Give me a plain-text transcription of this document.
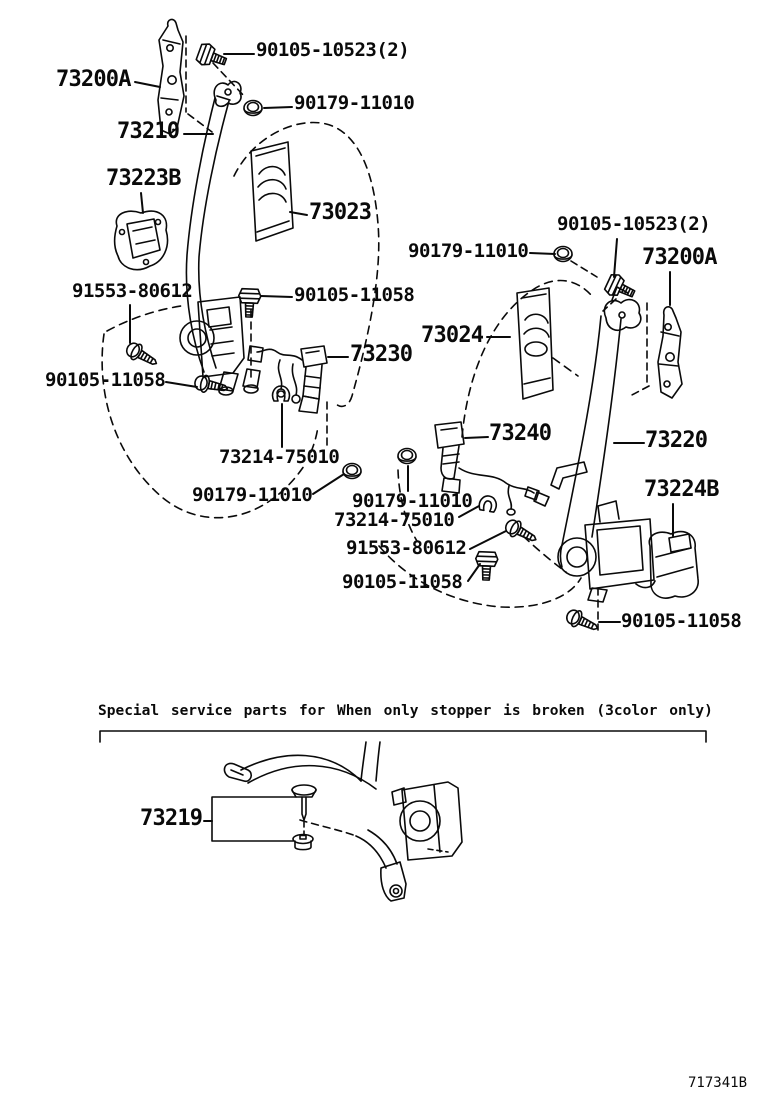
90105-10523(2)
73200A
90179-11010
73210
73223B
73023
91553-80612	90105-11058
90105-11058
73230
73214-75010
90179-11010
90179-11010
90105-10523(2)
73200A
73024
73240	73220
73224B
90179-11010
73214-75010
91553-80612
90105-11058
90105-11058
73219
Special service parts for When only stopper is broken (3color only)
717341B
